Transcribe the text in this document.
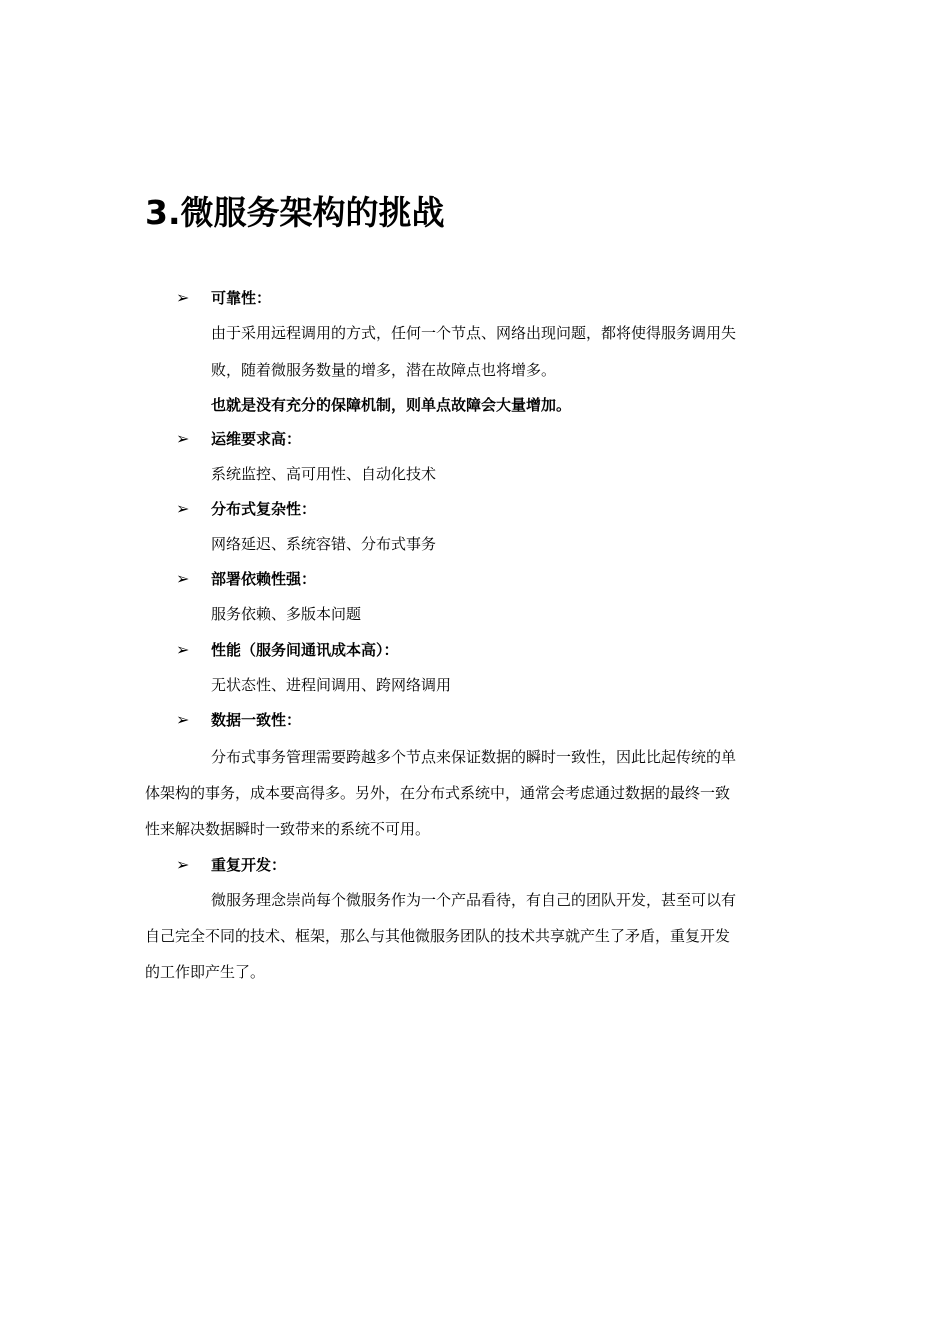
3.微服务架构的挑战
➢ 可靠性：
由于采用远程调用的方式，任何一个节点、网络出现问题，都将使得服务调用失
败，随着微服务数量的增多，潜在故障点也将增多。
也就是没有充分的保障机制，则单点故障会大量增加。
➢ 运维要求高：
系统监控、高可用性、自动化技术
➢ 分布式复杂性：
网络延迟、系统容错、分布式事务
➢ 部署依赖性强：
服务依赖、多版本问题
➢ 性能（服务间通讯成本高）：
无状态性、进程间调用、跨网络调用
➢ 数据一致性：
分布式事务管理需要跨越多个节点来保证数据的瞬时一致性，因此比起传统的单
体架构的事务，成本要高得多。另外，在分布式系统中，通常会考虑通过数据的最终一致
性来解决数据瞬时一致带来的系统不可用。
➢ 重复开发：
微服务理念崇尚每个微服务作为一个产品看待，有自己的团队开发，甚至可以有
自己完全不同的技术、框架，那么与其他微服务团队的技术共享就产生了矛盾，重复开发
的工作即产生了。
